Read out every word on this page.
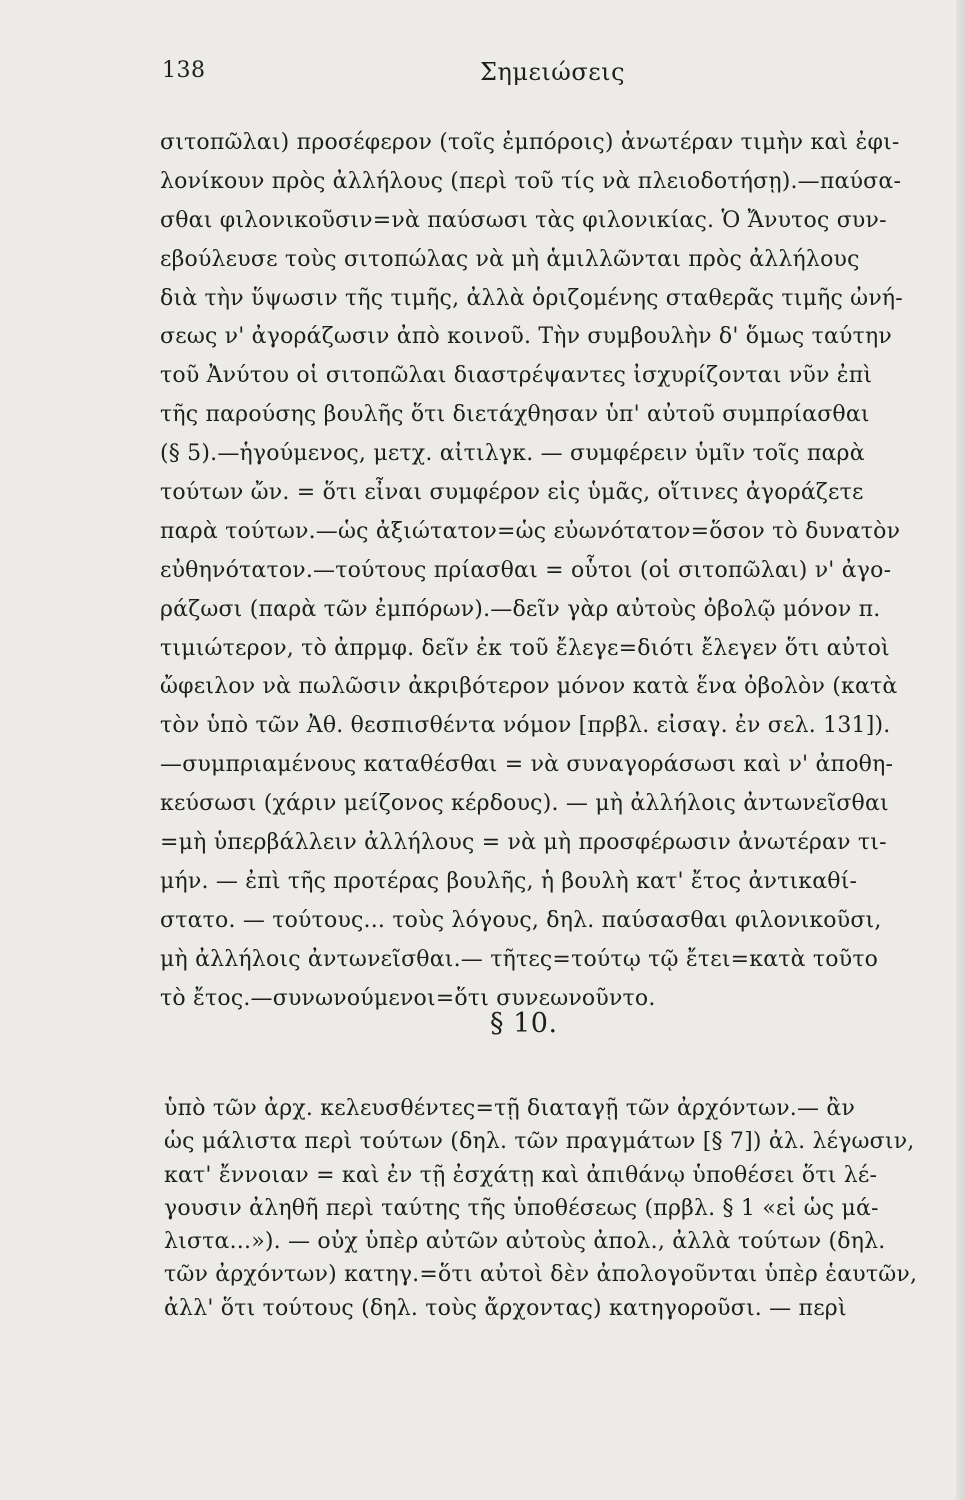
138	Σημειώσεις
σιτοπῶλαι) προσέφερον (τοῖς ἐμπόροις) ἀνωτέραν τιμὴν καὶ ἐφι-
λονίκουν πρὸς ἀλλήλους (περὶ τοῦ τίς νὰ πλειοδοτήσῃ).—παύσα-
σθαι φιλονικοῦσιν=νὰ παύσωσι τὰς φιλονικίας. Ὁ Ἄνυτος συν-
εβούλευσε τοὺς σιτοπώλας νὰ μὴ ἁμιλλῶνται πρὸς ἀλλήλους
διὰ τὴν ὕψωσιν τῆς τιμῆς, ἀλλὰ ὁριζομένης σταθερᾶς τιμῆς ὠνή-
σεως ν' ἀγοράζωσιν ἀπὸ κοινοῦ. Τὴν συμβουλὴν δ' ὅμως ταύτην
τοῦ Ἀνύτου οἱ σιτοπῶλαι διαστρέψαντες ἰσχυρίζονται νῦν ἐπὶ
τῆς παρούσης βουλῆς ὅτι διετάχθησαν ὑπ' αὐτοῦ συμπρίασθαι
(§ 5).—ἡγούμενος, μετχ. αἰτιλγκ. — συμφέρειν ὑμῖν τοῖς παρὰ
τούτων ὤν. = ὅτι εἶναι συμφέρον εἰς ὑμᾶς, οἵτινες ἀγοράζετε
παρὰ τούτων.—ὡς ἀξιώτατον=ὡς εὐωνότατον=ὅσον τὸ δυνατὸν
εὐθηνότατον.—τούτους πρίασθαι = οὗτοι (οἱ σιτοπῶλαι) ν' ἀγο-
ράζωσι (παρὰ τῶν ἐμπόρων).—δεῖν γὰρ αὐτοὺς ὀβολῷ μόνον π.
τιμιώτερον, τὸ ἀπρμφ. δεῖν ἐκ τοῦ ἔλεγε=διότι ἔλεγεν ὅτι αὐτοὶ
ὤφειλον νὰ πωλῶσιν ἀκριβότερον μόνον κατὰ ἕνα ὀβολὸν (κατὰ
τὸν ὑπὸ τῶν Ἀθ. θεσπισθέντα νόμον [πρβλ. εἰσαγ. ἐν σελ. 131]).
—συμπριαμένους καταθέσθαι = νὰ συναγοράσωσι καὶ ν' ἀποθη-
κεύσωσι (χάριν μείζονος κέρδους). — μὴ ἀλλήλοις ἀντωνεῖσθαι
=μὴ ὑπερβάλλειν ἀλλήλους = νὰ μὴ προσφέρωσιν ἀνωτέραν τι-
μήν. — ἐπὶ τῆς προτέρας βουλῆς, ἡ βουλὴ κατ' ἔτος ἀντικαθί-
στατο. — τούτους... τοὺς λόγους, δηλ. παύσασθαι φιλονικοῦσι,
μὴ ἀλλήλοις ἀντωνεῖσθαι.— τῆτες=τούτῳ τῷ ἔτει=κατὰ τοῦτο
τὸ ἔτος.—συνωνούμενοι=ὅτι συνεωνοῦντο.
§ 10.
ὑπὸ τῶν ἀρχ. κελευσθέντες=τῇ διαταγῇ τῶν ἀρχόντων.— ἂν
ὡς μάλιστα περὶ τούτων (δηλ. τῶν πραγμάτων [§ 7]) ἀλ. λέγωσιν,
κατ' ἔννοιαν = καὶ ἐν τῇ ἐσχάτῃ καὶ ἀπιθάνῳ ὑποθέσει ὅτι λέ-
γουσιν ἀληθῆ περὶ ταύτης τῆς ὑποθέσεως (πρβλ. § 1 «εἰ ὡς μά-
λιστα...»). — οὐχ ὑπὲρ αὐτῶν αὐτοὺς ἀπολ., ἀλλὰ τούτων (δηλ.
τῶν ἀρχόντων) κατηγ.=ὅτι αὐτοὶ δὲν ἀπολογοῦνται ὑπὲρ ἑαυτῶν,
ἀλλ' ὅτι τούτους (δηλ. τοὺς ἄρχοντας) κατηγοροῦσι. — περὶ
